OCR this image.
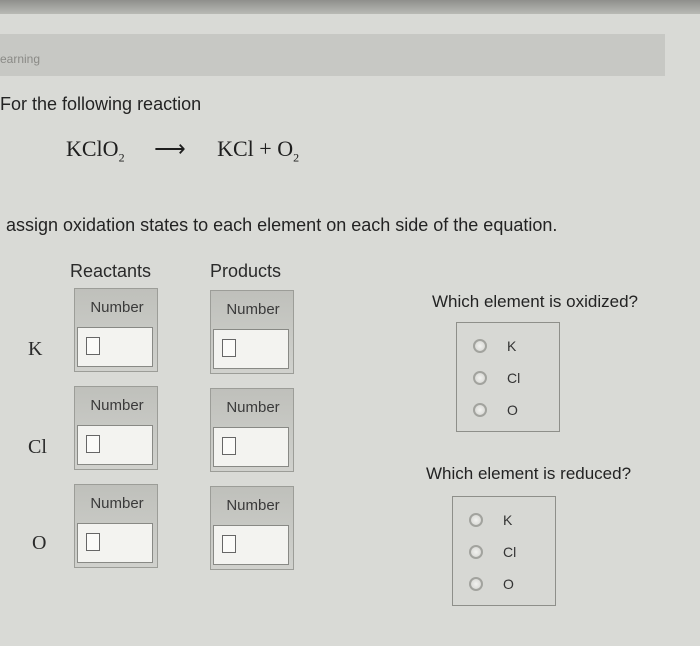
earning
For the following reaction
KClO$_2$ ⟶ KCl + $O_2$
assign oxidation states to each element on each side of the equation.
Reactants	Products
K
Number	Number
Cl
Number	Number
O
Number	Number
Which element is oxidized?
K
Cl
O
Which element is reduced?
K
Cl
O
